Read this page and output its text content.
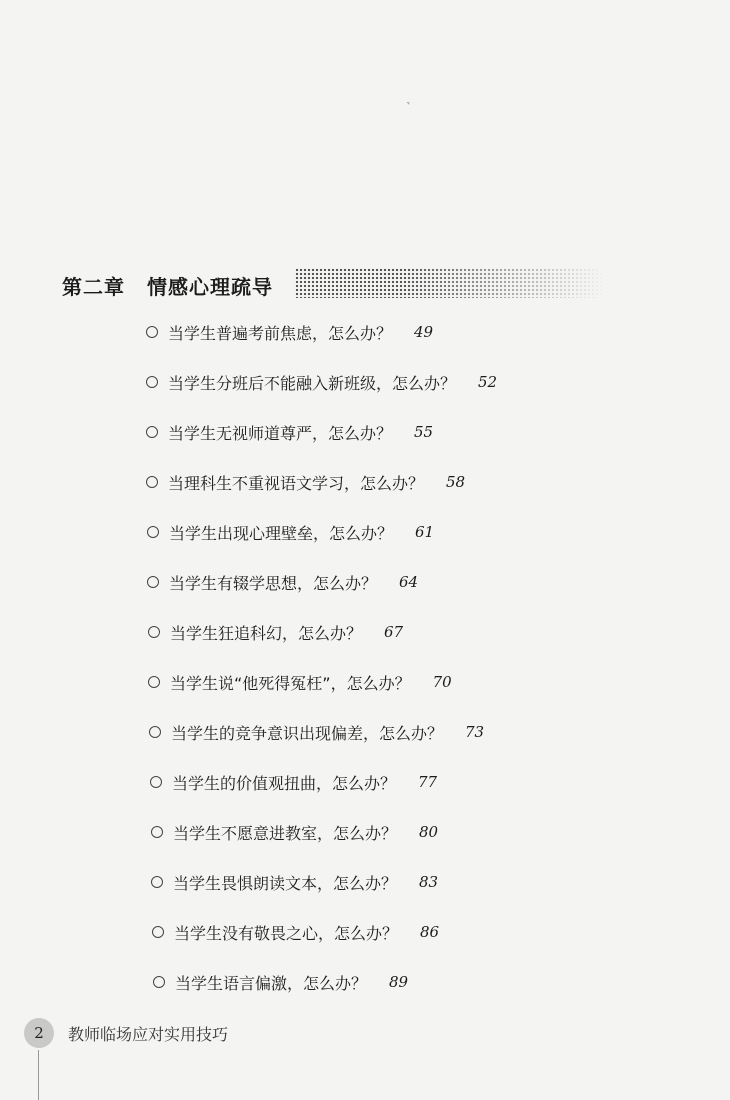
˺
第二章 情感心理疏导
当学生普遍考前焦虑，怎么办？ 49
当学生分班后不能融入新班级，怎么办？ 52
当学生无视师道尊严，怎么办？ 55
当理科生不重视语文学习，怎么办？ 58
当学生出现心理壁垒，怎么办？ 61
当学生有辍学思想，怎么办？ 64
当学生狂追科幻，怎么办？ 67
当学生说“他死得冤枉”，怎么办？ 70
当学生的竞争意识出现偏差，怎么办？ 73
当学生的价值观扭曲，怎么办？ 77
当学生不愿意进教室，怎么办？ 80
当学生畏惧朗读文本，怎么办？ 83
当学生没有敬畏之心，怎么办？ 86
当学生语言偏激，怎么办？ 89
2	教师临场应对实用技巧
